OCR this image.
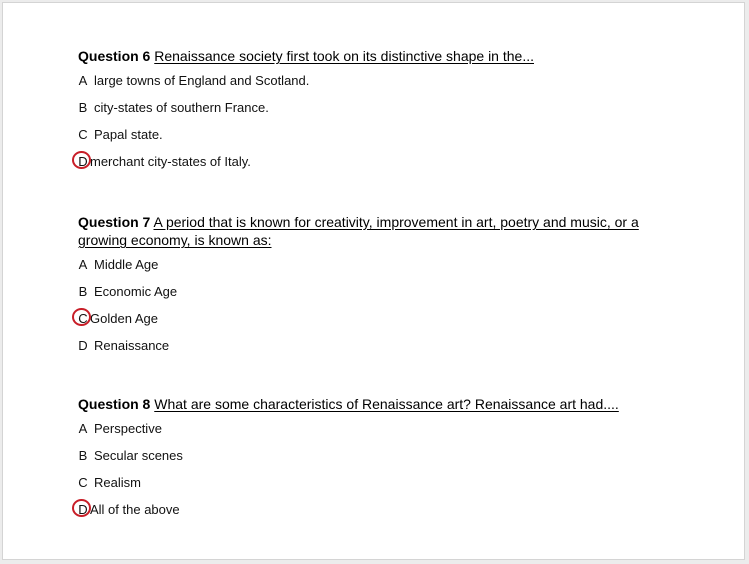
Question 6 Renaissance society first took on its distinctive shape in the...
A large towns of England and Scotland.
B city-states of southern France.
C Papal state.
D merchant city-states of Italy.
Question 7 A period that is known for creativity, improvement in art, poetry and music, or a growing economy, is known as:
A Middle Age
B Economic Age
C Golden Age
D Renaissance
Question 8 What are some characteristics of Renaissance art? Renaissance art had....
A Perspective
B Secular scenes
C Realism
D All of the above
